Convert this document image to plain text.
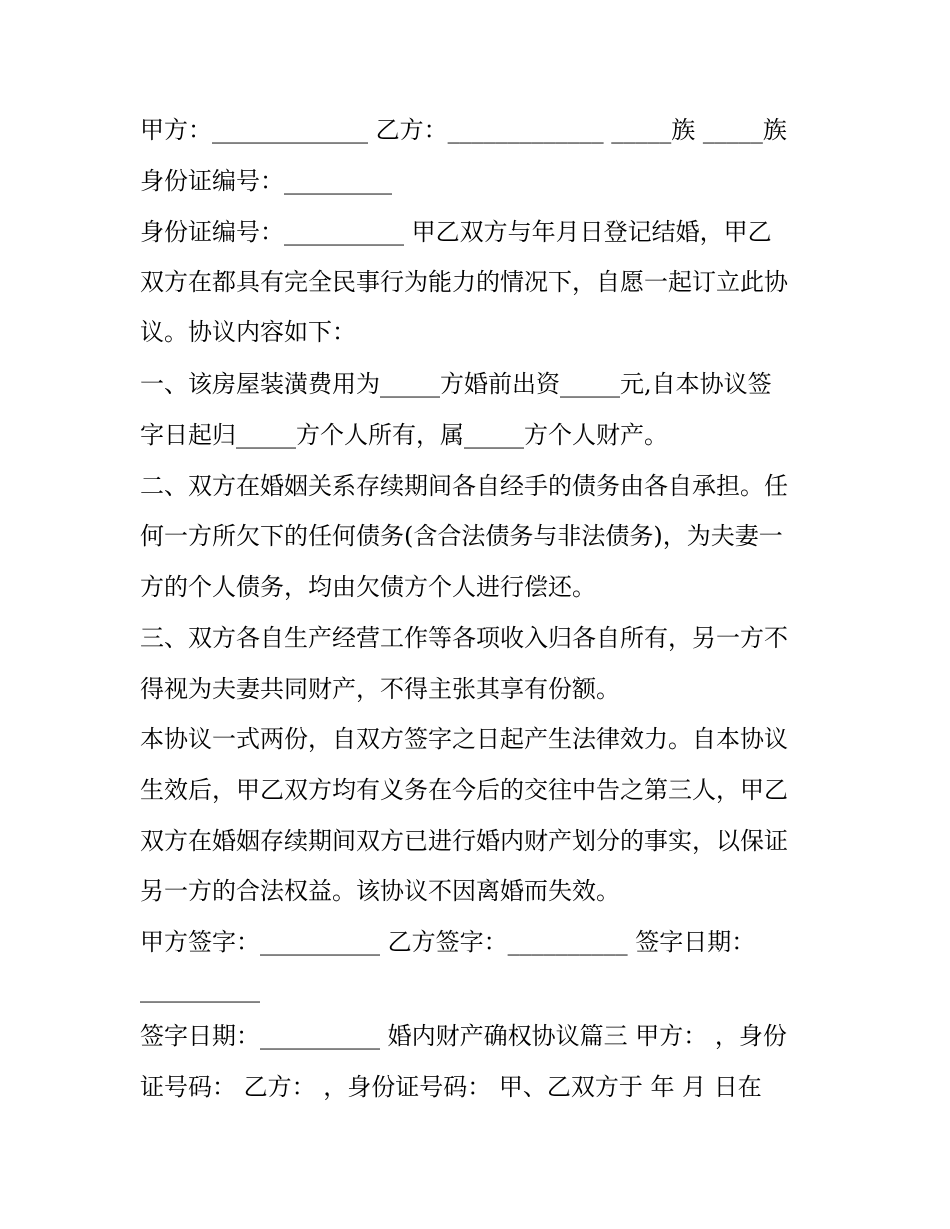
甲方：_____________ 乙方：_____________ _____族 _____族
身份证编号：_________
身份证编号：__________ 甲乙双方与年月日登记结婚，甲乙
双方在都具有完全民事行为能力的情况下，自愿一起订立此协
议。协议内容如下：
一、该房屋装潢费用为_____方婚前出资_____元,自本协议签
字日起归_____方个人所有，属_____方个人财产。
二、双方在婚姻关系存续期间各自经手的债务由各自承担。任
何一方所欠下的任何债务(含合法债务与非法债务)，为夫妻一
方的个人债务，均由欠债方个人进行偿还。
三、双方各自生产经营工作等各项收入归各自所有，另一方不
得视为夫妻共同财产，不得主张其享有份额。
本协议一式两份，自双方签字之日起产生法律效力。自本协议
生效后，甲乙双方均有义务在今后的交往中告之第三人，甲乙
双方在婚姻存续期间双方已进行婚内财产划分的事实，以保证
另一方的合法权益。该协议不因离婚而失效。
甲方签字：__________ 乙方签字：__________ 签字日期：
__________
签字日期：__________ 婚内财产确权协议篇三 甲方： ，身份
证号码： 乙方： ，身份证号码： 甲、乙双方于 年 月 日在
